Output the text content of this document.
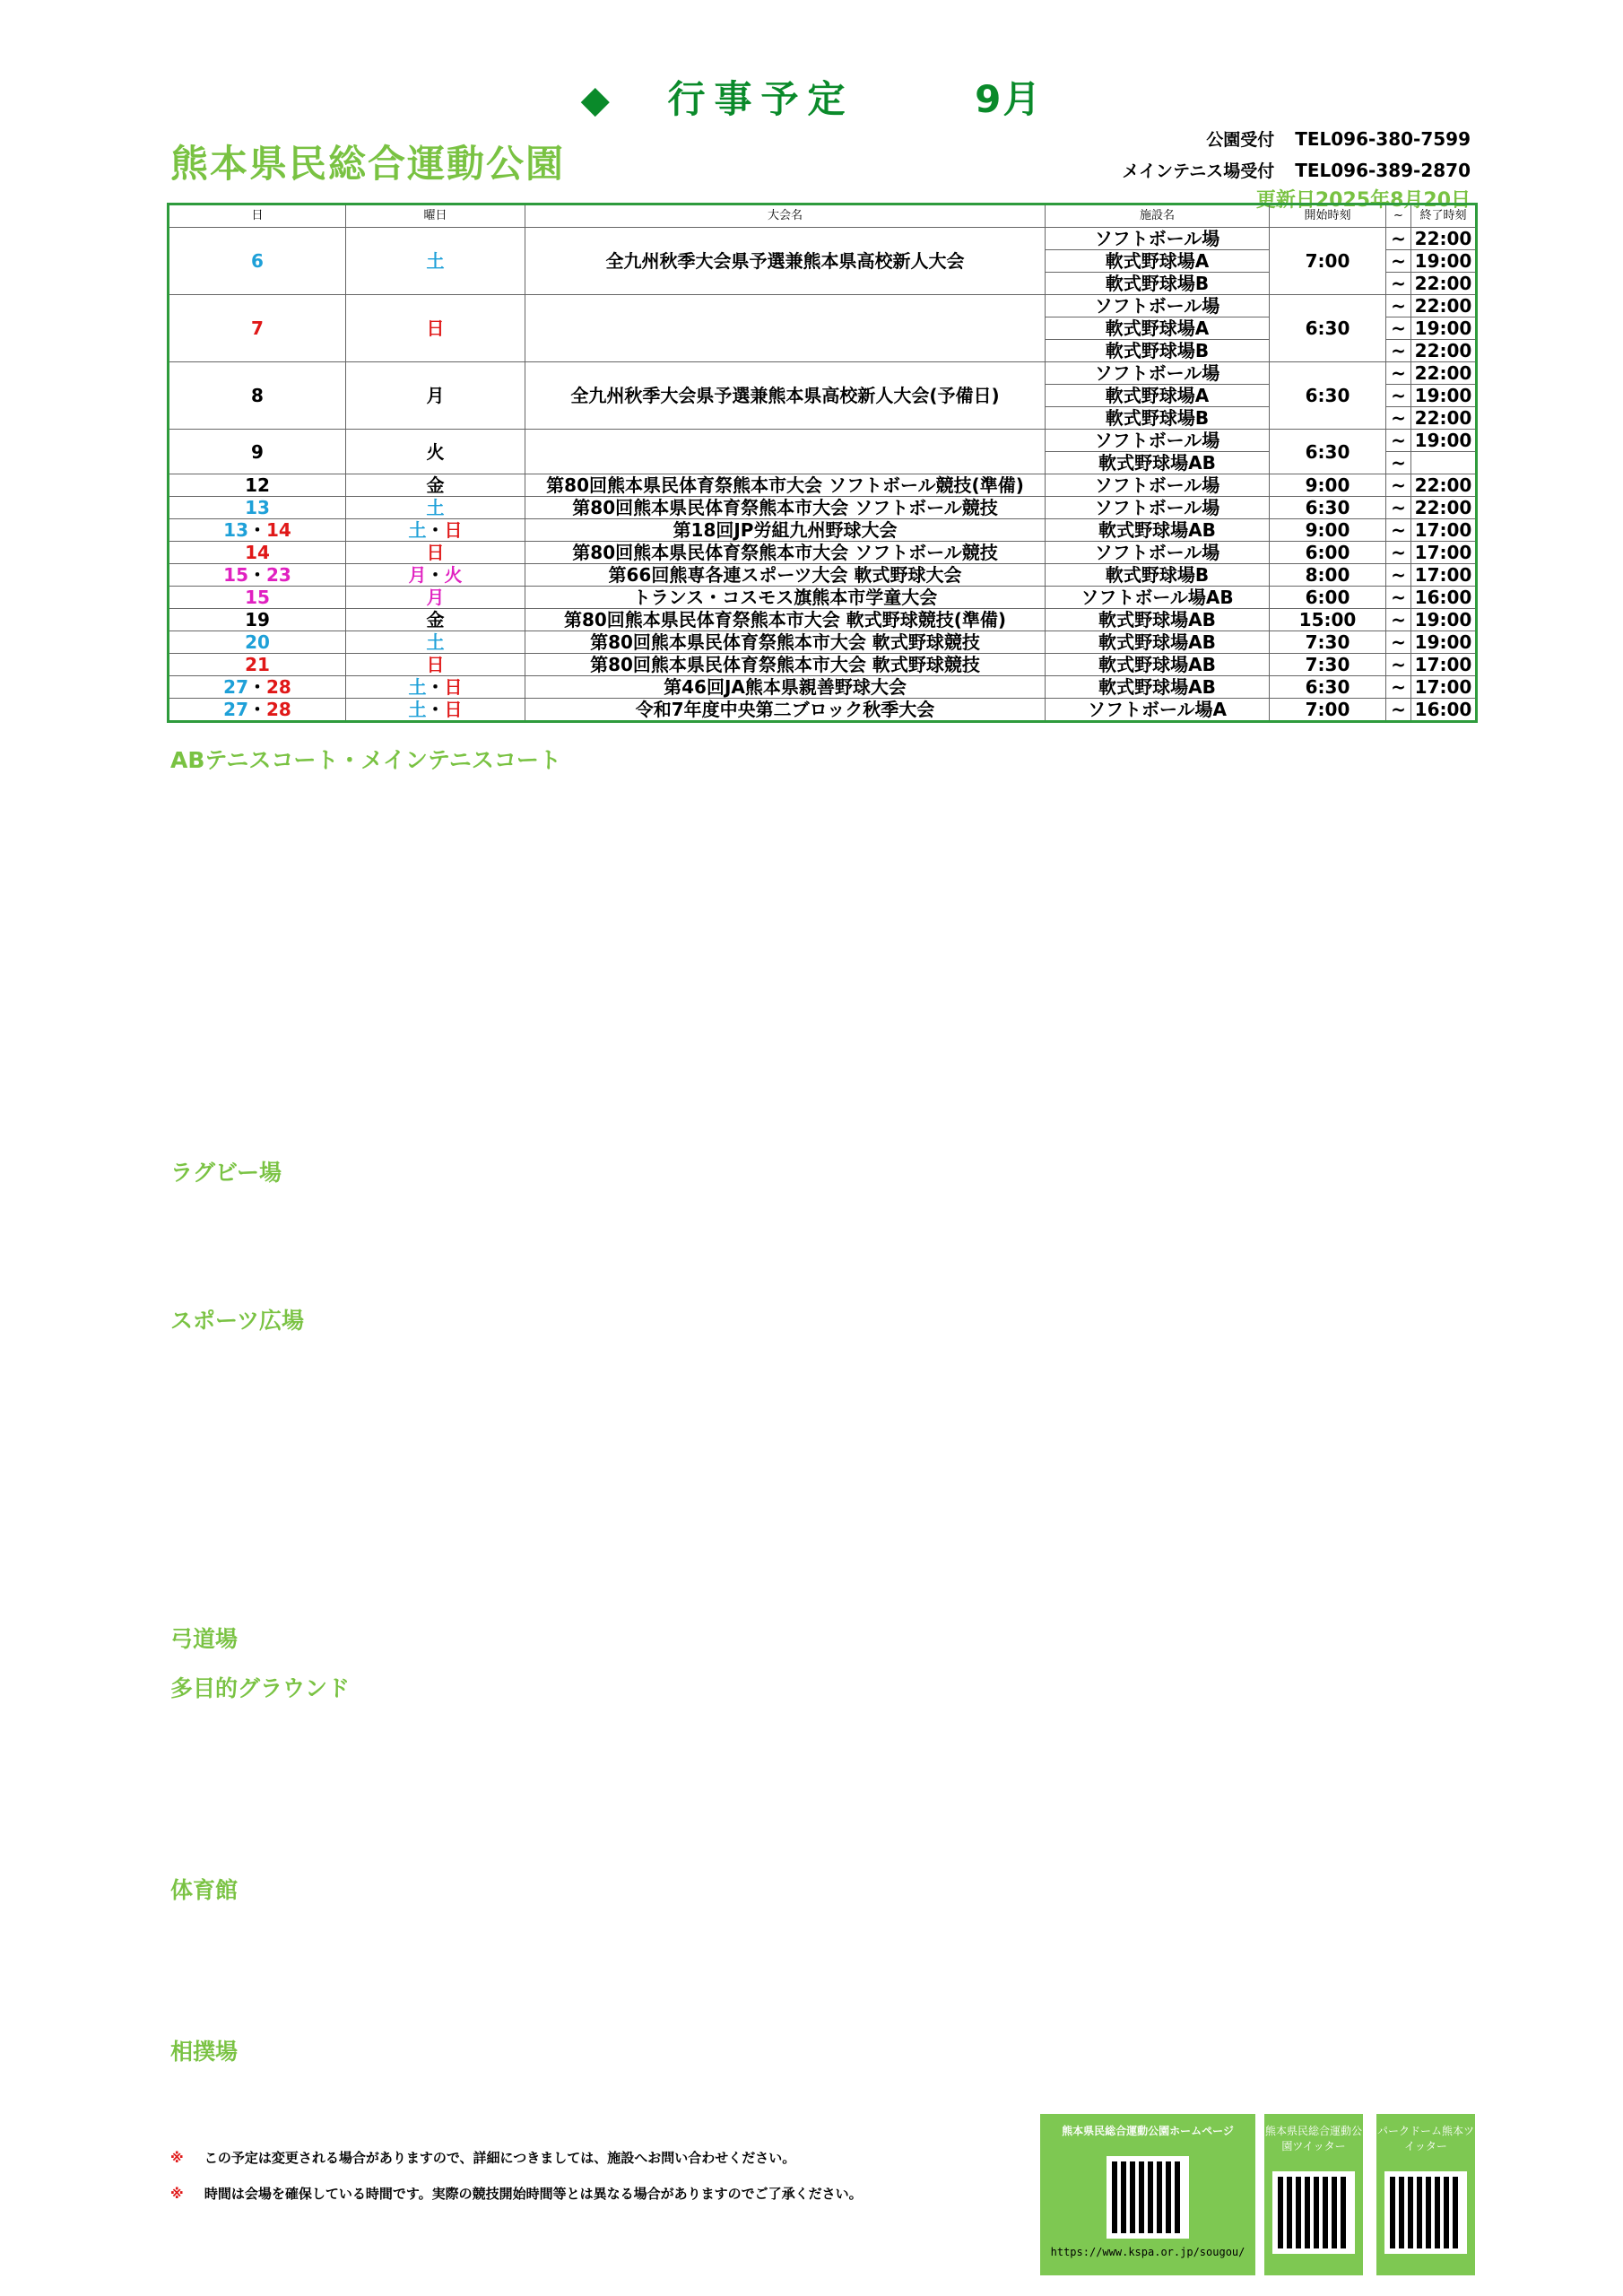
◆ 行事予定	9月
熊本県民総合運動公園
公園受付 TEL096-380-7599
メインテニス場受付 TEL096-389-2870
更新日2025年8月20日
日	曜日	大会名	施設名	開始時刻	~	終了時刻
6	土	全九州秋季大会県予選兼熊本県高校新人大会	ソフトボール場	7:00	~	22:00
			軟式野球場A		~	19:00
			軟式野球場B		~	22:00
7	日		ソフトボール場	6:30	~	22:00
			軟式野球場A		~	19:00
			軟式野球場B		~	22:00
8	月	全九州秋季大会県予選兼熊本県高校新人大会(予備日)	ソフトボール場	6:30	~	22:00
			軟式野球場A		~	19:00
			軟式野球場B		~	22:00
9	火		ソフトボール場	6:30	~	19:00
			軟式野球場AB		~	
12	金	第80回熊本県民体育祭熊本市大会 ソフトボール競技(準備)	ソフトボール場	9:00	~	22:00
13	土	第80回熊本県民体育祭熊本市大会 ソフトボール競技	ソフトボール場	6:30	~	22:00
13・14	土・日	第18回JP労組九州野球大会	軟式野球場AB	9:00	~	17:00
14	日	第80回熊本県民体育祭熊本市大会 ソフトボール競技	ソフトボール場	6:00	~	17:00
15・23	月・火	第66回熊専各連スポーツ大会 軟式野球大会	軟式野球場B	8:00	~	17:00
15	月	トランス・コスモス旗熊本市学童大会	ソフトボール場AB	6:00	~	16:00
19	金	第80回熊本県民体育祭熊本市大会 軟式野球競技(準備)	軟式野球場AB	15:00	~	19:00
20	土	第80回熊本県民体育祭熊本市大会 軟式野球競技	軟式野球場AB	7:30	~	19:00
21	日	第80回熊本県民体育祭熊本市大会 軟式野球競技	軟式野球場AB	7:30	~	17:00
27・28	土・日	第46回JA熊本県親善野球大会	軟式野球場AB	6:30	~	17:00
27・28	土・日	令和7年度中央第二ブロック秋季大会	ソフトボール場A	7:00	~	16:00
ABテニスコート・メインテニスコート
ラグビー場
スポーツ広場
弓道場
多目的グラウンド
体育館
相撲場
※ この予定は変更される場合がありますので、詳細につきましては、施設へお問い合わせください。
※ 時間は会場を確保している時間です。実際の競技開始時間等とは異なる場合がありますのでご了承ください。
熊本県民総合運動公園ホームページ
https://www.kspa.or.jp/sougou/
熊本県民総合運動公園ツイッター
パークドーム熊本ツイッター
